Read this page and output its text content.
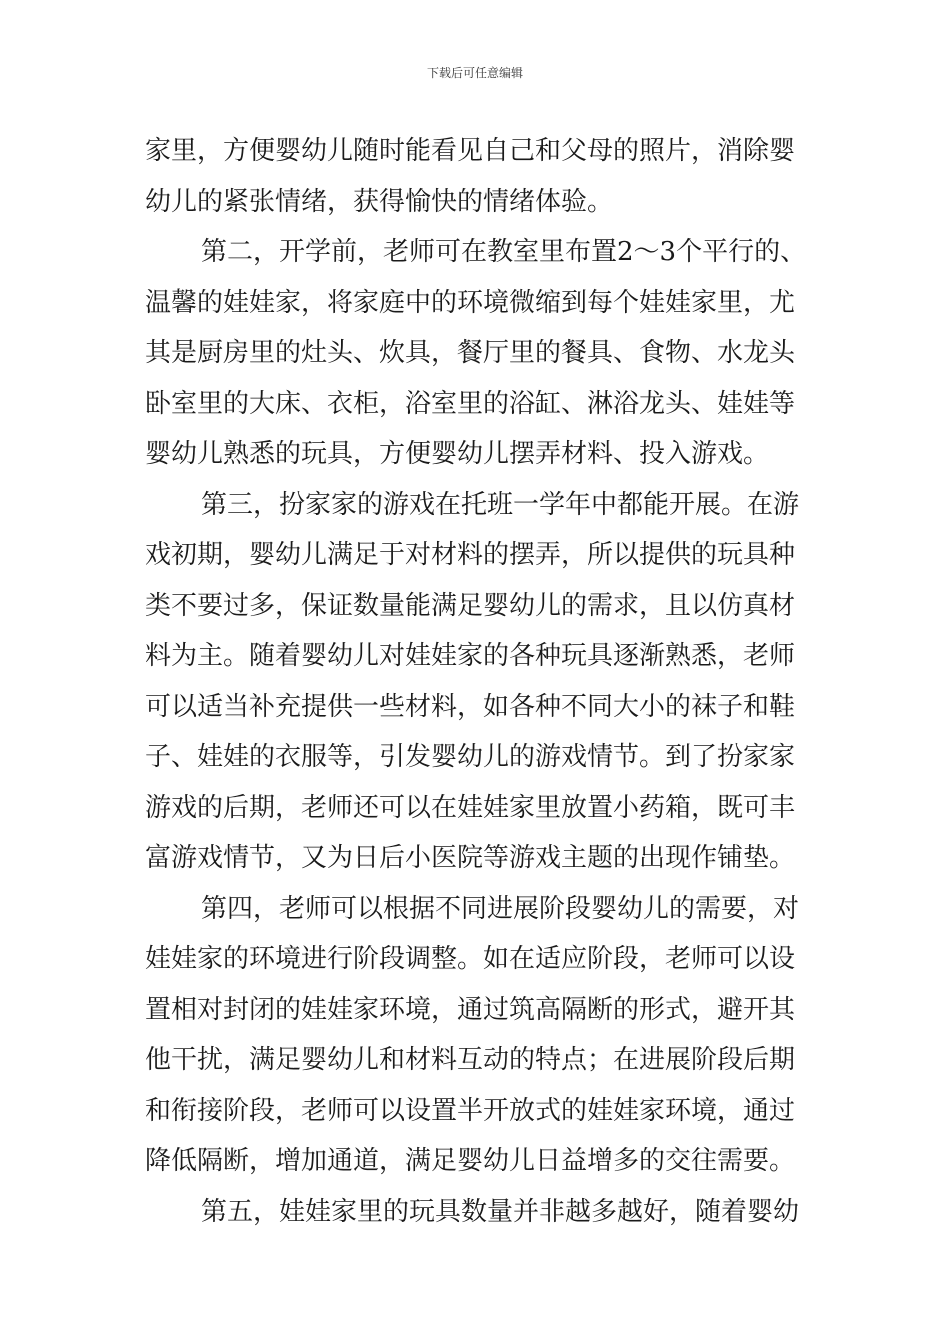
下载后可任意编辑
家里，方便婴幼儿随时能看见自己和父母的照片，消除婴
幼儿的紧张情绪，获得愉快的情绪体验。
第二，开学前，老师可在教室里布置2～3个平行的、
温馨的娃娃家，将家庭中的环境微缩到每个娃娃家里，尤
其是厨房里的灶头、炊具，餐厅里的餐具、食物、水龙头
卧室里的大床、衣柜，浴室里的浴缸、淋浴龙头、娃娃等
婴幼儿熟悉的玩具，方便婴幼儿摆弄材料、投入游戏。
第三，扮家家的游戏在托班一学年中都能开展。在游
戏初期，婴幼儿满足于对材料的摆弄，所以提供的玩具种
类不要过多，保证数量能满足婴幼儿的需求，且以仿真材
料为主。随着婴幼儿对娃娃家的各种玩具逐渐熟悉，老师
可以适当补充提供一些材料，如各种不同大小的袜子和鞋
子、娃娃的衣服等，引发婴幼儿的游戏情节。到了扮家家
游戏的后期，老师还可以在娃娃家里放置小药箱，既可丰
富游戏情节，又为日后小医院等游戏主题的出现作铺垫。
第四，老师可以根据不同进展阶段婴幼儿的需要，对
娃娃家的环境进行阶段调整。如在适应阶段，老师可以设
置相对封闭的娃娃家环境，通过筑高隔断的形式，避开其
他干扰，满足婴幼儿和材料互动的特点；在进展阶段后期
和衔接阶段，老师可以设置半开放式的娃娃家环境，通过
降低隔断，增加通道，满足婴幼儿日益增多的交往需要。
第五，娃娃家里的玩具数量并非越多越好，随着婴幼
